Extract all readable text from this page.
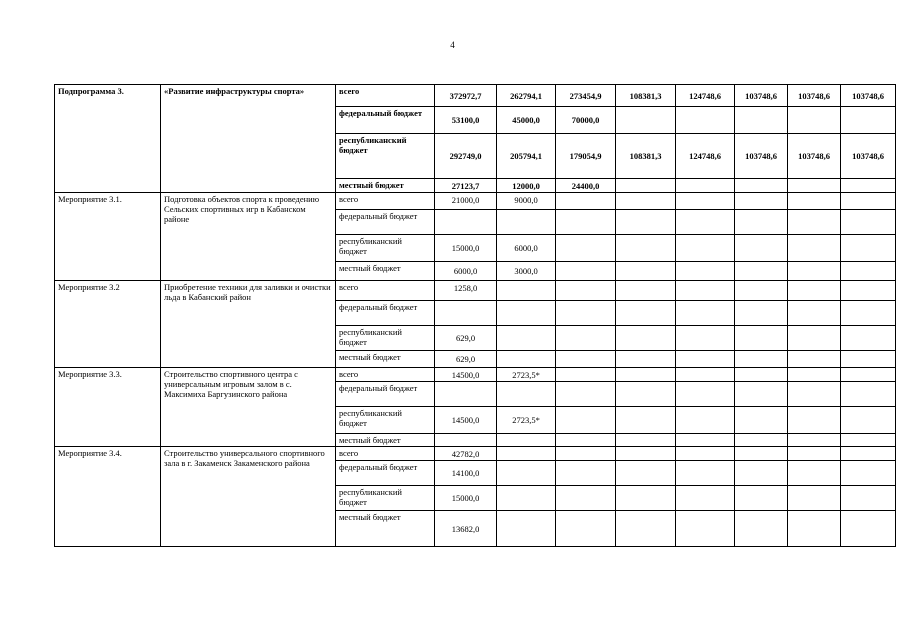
4
Подпрограмма 3.	«Развитие инфраструктуры спорта»	всего	372972,7	262794,1	273454,9	108381,3	124748,6	103748,6	103748,6	103748,6
		федеральный бюджет	53100,0	45000,0	70000,0					
		республиканский бюджет	292749,0	205794,1	179054,9	108381,3	124748,6	103748,6	103748,6	103748,6
		местный бюджет	27123,7	12000,0	24400,0					
Мероприятие 3.1.	Подготовка объектов спорта к проведению Сельских спортивных игр в Кабанском районе	всего	21000,0	9000,0						
		федеральный бюджет								
		республиканский бюджет	15000,0	6000,0						
		местный бюджет	6000,0	3000,0						
Мероприятие 3.2	Приобретение техники для заливки и очистки льда в Кабанский район	всего	1258,0							
		федеральный бюджет								
		республиканский бюджет	629,0							
		местный бюджет	629,0							
Мероприятие 3.3.	Строительство спортивного центра с универсальным игровым залом в с. Максимиха Баргузинского района	всего	14500,0	2723,5*						
		федеральный бюджет								
		республиканский бюджет	14500,0	2723,5*						
		местный бюджет								
Мероприятие 3.4.	Строительство универсального спортивного зала в г. Закаменск Закаменского района	всего	42782,0							
		федеральный бюджет	14100,0							
		республиканский бюджет	15000,0							
		местный бюджет	13682,0							
